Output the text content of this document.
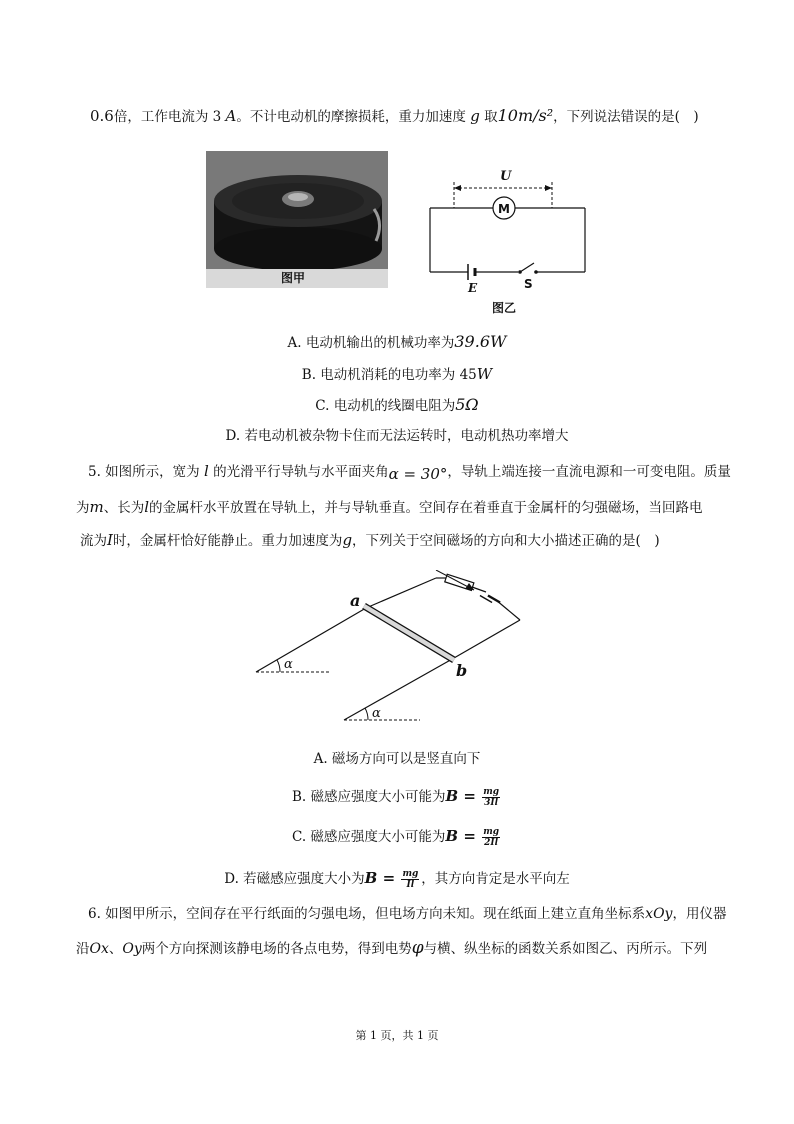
0.6倍，工作电流为 3 A。不计电动机的摩擦损耗，重力加速度 g 取10m/s²，下列说法错误的是(　)
图甲
U
M
E	S
图乙
A. 电动机输出的机械功率为39.6W
B. 电动机消耗的电功率为 45W
C. 电动机的线圈电阻为5Ω
D. 若电动机被杂物卡住而无法运转时，电动机热功率增大
5. 如图所示，宽为 l 的光滑平行导轨与水平面夹角α = 30°，导轨上端连接一直流电源和一可变电阻。质量
为m、长为l的金属杆水平放置在导轨上，并与导轨垂直。空间存在着垂直于金属杆的匀强磁场，当回路电
流为I时，金属杆恰好能静止。重力加速度为g，下列关于空间磁场的方向和大小描述正确的是(　)
α
α
a
b
A. 磁场方向可以是竖直向下
B. 磁感应强度大小可能为$B = \frac{mg}{3Il}$
C. 磁感应强度大小可能为$B = \frac{mg}{2Il}$
D. 若磁感应强度大小为$B = \frac{mg}{Il}$ ，其方向肯定是水平向左
6. 如图甲所示，空间存在平行纸面的匀强电场，但电场方向未知。现在纸面上建立直角坐标系xOy，用仪器
沿Ox、Oy两个方向探测该静电场的各点电势，得到电势φ与横、纵坐标的函数关系如图乙、丙所示。下列
第 1 页，共 1 页
